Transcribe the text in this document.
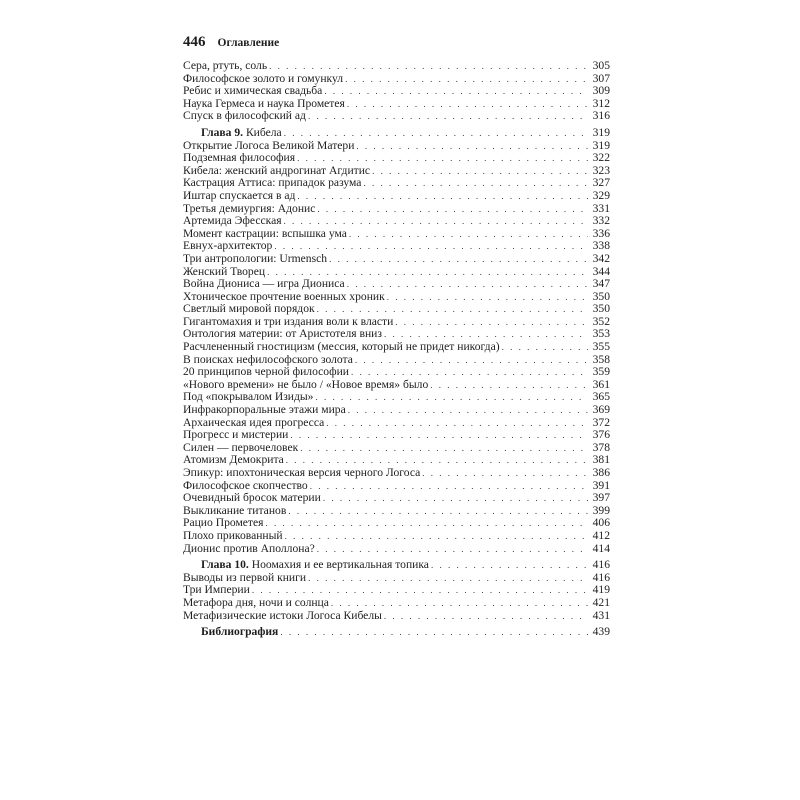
446 Оглавление
Сера, ртуть, соль . . .	305
Философское золото и гомункул . . .	307
Ребис и химическая свадьба . . .	309
Наука Гермеса и наука Прометея . . .	312
Спуск в философский ад . . .	316
Глава 9. Кибела . . .	319
Открытие Логоса Великой Матери . . .	319
Подземная философия . . .	322
Кибела: женский андрогинат Агдитис . . .	323
Кастрация Аттиса: припадок разума . . .	327
Иштар спускается в ад . . .	329
Третья демиургия: Адонис . . .	331
Артемида Эфесская . . .	332
Момент кастрации: вспышка ума . . .	336
Евнух-архитектор . . .	338
Три антропологии: Urmensch . . .	342
Женский Творец . . .	344
Война Диониса — игра Диониса . . .	347
Хтоническое прочтение военных хроник . . .	350
Светлый мировой порядок . . .	350
Гигантомахия и три издания воли к власти . . .	352
Онтология материи: от Аристотеля вниз . . .	353
Расчлененный гностицизм (мессия, который не придет никогда) . . .	355
В поисках нефилософского золота . . .	358
20 принципов черной философии . . .	359
«Нового времени» не было / «Новое время» было . . .	361
Под «покрывалом Изиды» . . .	365
Инфракорпоральные этажи мира . . .	369
Архаическая идея прогресса . . .	372
Прогресс и мистерии . . .	376
Силен — первочеловек . . .	378
Атомизм Демокрита . . .	381
Эпикур: ипохтоническая версия черного Логоса . . .	386
Философское скопчество . . .	391
Очевидный бросок материи . . .	397
Выкликание титанов . . .	399
Рацио Прометея . . .	406
Плохо прикованный . . .	412
Дионис против Аполлона? . . .	414
Глава 10. Ноомахия и ее вертикальная топика . . .	416
Выводы из первой книги . . .	416
Три Империи . . .	419
Метафора дня, ночи и солнца . . .	421
Метафизические истоки Логоса Кибелы . . .	431
Библиография . . .	439
